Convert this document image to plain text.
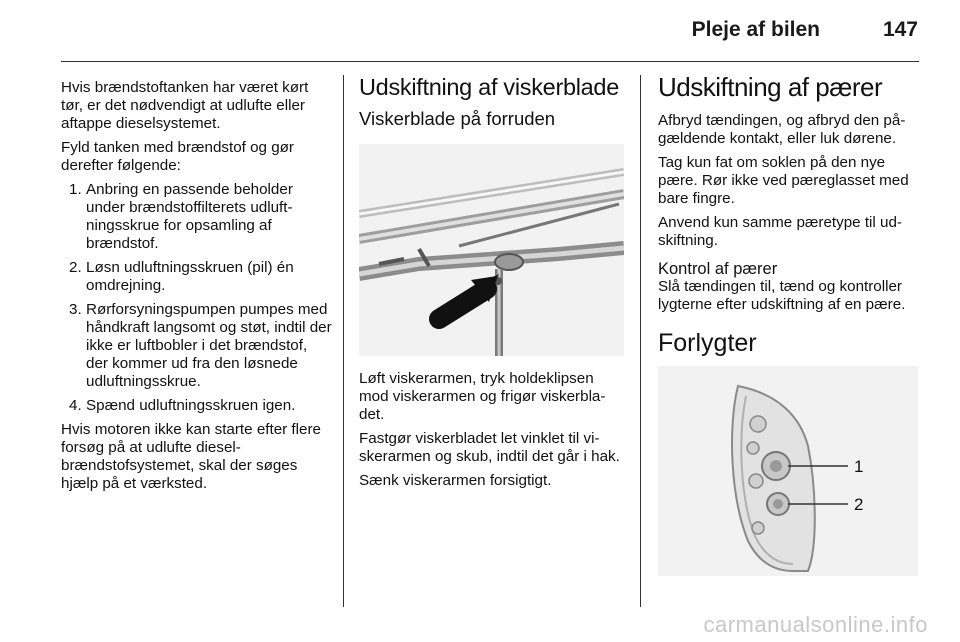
Pleje af bilen	147

Hvis brændstoftanken har været kørt tør, er det nødvendigt at udlufte eller aftappe dieselsystemet.

Fyld tanken med brændstof og gør derefter følgende:

1. Anbring en passende beholder under brændstoffilterets udluft-ningsskrue for opsamling af brændstof.
2. Løsn udluftningsskruen (pil) én omdrejning.
3. Rørforsyningspumpen pumpes med håndkraft langsomt og støt, indtil der ikke er luftbobler i det brændstof, der kommer ud fra den løsnede udluftningsskrue.
4. Spænd udluftningsskruen igen.

Hvis motoren ikke kan starte efter flere forsøg på at udlufte diesel-brændstofsystemet, skal der søges hjælp på et værksted.

Udskiftning af viskerblade
Viskerblade på forruden

Løft viskerarmen, tryk holdeklipsen mod viskerarmen og frigør viskerbla-det.

Fastgør viskerbladet let vinklet til vi-skerarmen og skub, indtil det går i hak.

Sænk viskerarmen forsigtigt.

Udskiftning af pærer

Afbryd tændingen, og afbryd den på-gældende kontakt, eller luk dørene.

Tag kun fat om soklen på den nye pære. Rør ikke ved pæreglasset med bare fingre.

Anvend kun samme pæretype til ud-skiftning.

Kontrol af pærer

Slå tændingen til, tænd og kontroller lygterne efter udskiftning af en pære.

Forlygter
1
2
carmanualsonline.info
